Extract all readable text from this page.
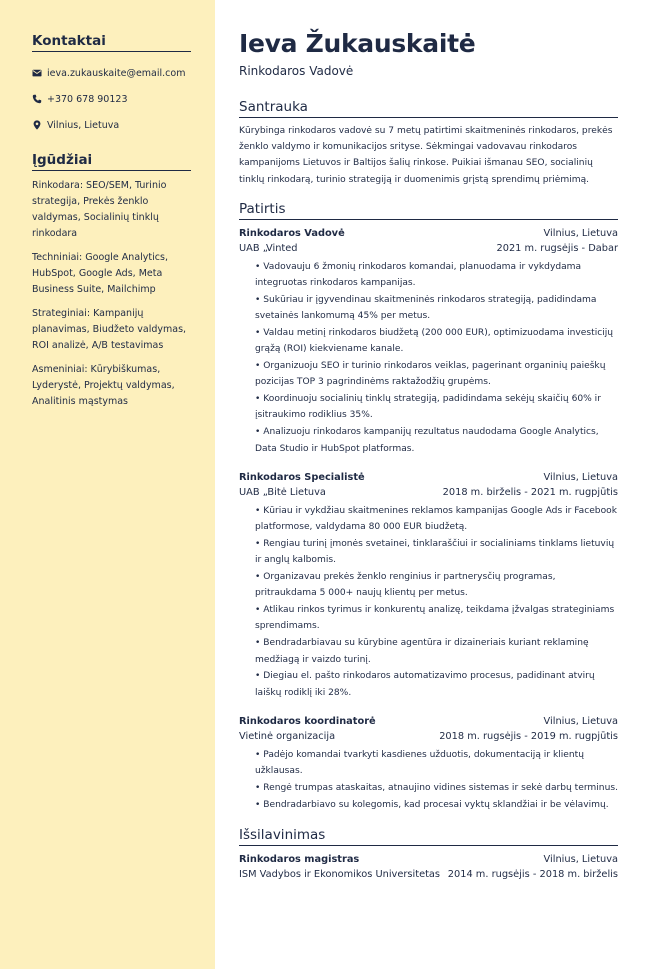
Kontaktai
ieva.zukauskaite@email.com
+370 678 90123
Vilnius, Lietuva
Įgūdžiai
Rinkodara: SEO/SEM, Turinio strategija, Prekės ženklo valdymas, Socialinių tinklų rinkodara
Techniniai: Google Analytics, HubSpot, Google Ads, Meta Business Suite, Mailchimp
Strateginiai: Kampanijų planavimas, Biudžeto valdymas, ROI analizė, A/B testavimas
Asmeniniai: Kūrybiškumas, Lyderystė, Projektų valdymas, Analitinis mąstymas
Ieva Žukauskaitė
Rinkodaros Vadovė
Santrauka

Kūrybinga rinkodaros vadovė su 7 metų patirtimi skaitmeninės rinkodaros, prekės ženklo valdymo ir komunikacijos srityse. Sėkmingai vadovavau rinkodaros kampanijoms Lietuvos ir Baltijos šalių rinkose. Puikiai išmanau SEO, socialinių tinklų rinkodarą, turinio strategiją ir duomenimis grįstą sprendimų priėmimą.

Patirtis
Rinkodaros Vadovė	Vilnius, Lietuva
UAB „Vinted	2021 m. rugsėjis - Dabar
• Vadovauju 6 žmonių rinkodaros komandai, planuodama ir vykdydama integruotas rinkodaros kampanijas.
• Sukūriau ir įgyvendinau skaitmeninės rinkodaros strategiją, padidindama svetainės lankomumą 45% per metus.
• Valdau metinį rinkodaros biudžetą (200 000 EUR), optimizuodama investicijų grąžą (ROI) kiekviename kanale.
• Organizuoju SEO ir turinio rinkodaros veiklas, pagerinant organinių paieškų pozicijas TOP 3 pagrindinėms raktažodžių grupėms.
• Koordinuoju socialinių tinklų strategiją, padidindama sekėjų skaičių 60% ir įsitraukimo rodiklius 35%.
• Analizuoju rinkodaros kampanijų rezultatus naudodama Google Analytics, Data Studio ir HubSpot platformas.
Rinkodaros Specialistė	Vilnius, Lietuva
UAB „Bitė Lietuva	2018 m. birželis - 2021 m. rugpjūtis
• Kūriau ir vykdžiau skaitmenines reklamos kampanijas Google Ads ir Facebook platformose, valdydama 80 000 EUR biudžetą.
• Rengiau turinį įmonės svetainei, tinklaraščiui ir socialiniams tinklams lietuvių ir anglų kalbomis.
• Organizavau prekės ženklo renginius ir partnerysčių programas, pritraukdama 5 000+ naujų klientų per metus.
• Atlikau rinkos tyrimus ir konkurentų analizę, teikdama įžvalgas strateginiams sprendimams.
• Bendradarbiavau su kūrybine agentūra ir dizaineriais kuriant reklaminę medžiagą ir vaizdo turinį.
• Diegiau el. pašto rinkodaros automatizavimo procesus, padidinant atvirų laiškų rodiklį iki 28%.
Rinkodaros koordinatorė	Vilnius, Lietuva
Vietinė organizacija	2018 m. rugsėjis - 2019 m. rugpjūtis
• Padėjo komandai tvarkyti kasdienes užduotis, dokumentaciją ir klientų užklausas.
• Rengė trumpas ataskaitas, atnaujino vidines sistemas ir sekė darbų terminus.
• Bendradarbiavo su kolegomis, kad procesai vyktų sklandžiai ir be vėlavimų.
Išsilavinimas
Rinkodaros magistras	Vilnius, Lietuva
ISM Vadybos ir Ekonomikos Universitetas 2014 m. rugsėjis - 2018 m. birželis
